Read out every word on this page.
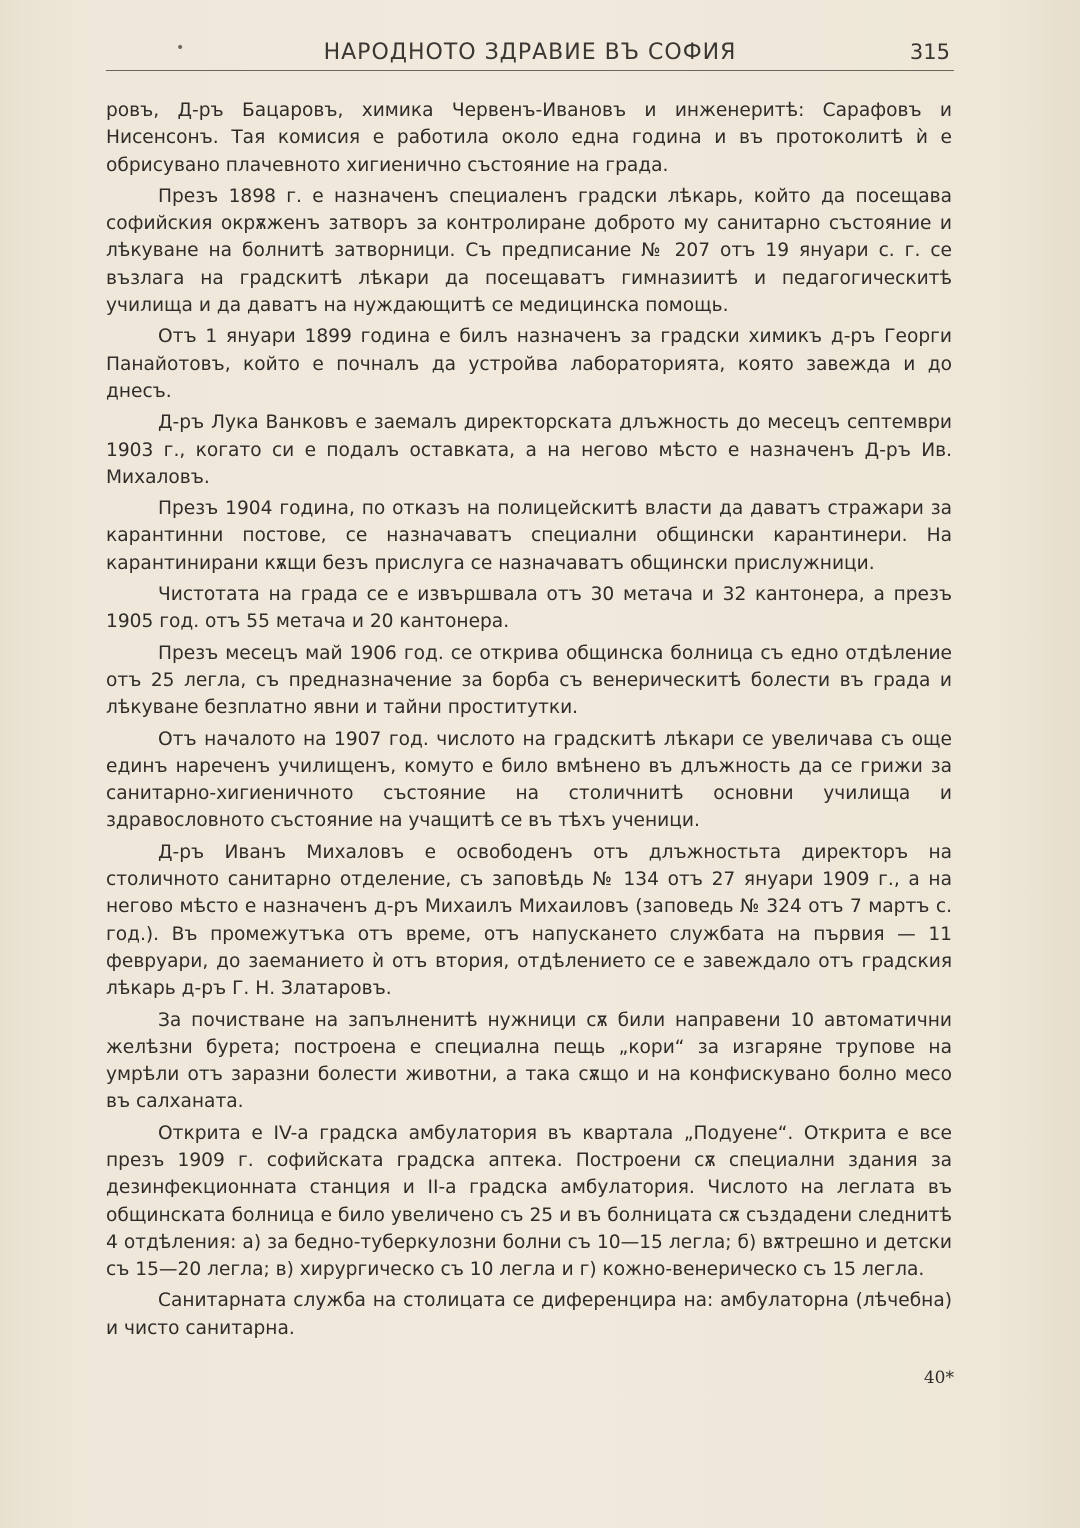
•	НАРОДНОТО ЗДРАВИЕ ВЪ СОФИЯ	315

ровъ, Д-ръ Бацаровъ, химика Червенъ-Ивановъ и инженеритѣ: Сарафовъ и Нисенсонъ. Тая комисия е работила около една година и въ протоколитѣ ѝ е обрисувано плачевното хигиенично състояние на града.

Презъ 1898 г. е назначенъ специаленъ градски лѣкарь, който да посещава софийския окрѫженъ затворъ за контролиране доброто му санитарно състояние и лѣкуване на болнитѣ затворници. Съ предписание № 207 отъ 19 януари с. г. се възлага на градскитѣ лѣкари да посещаватъ гимназиитѣ и педагогическитѣ училища и да даватъ на нуждающитѣ се медицинска помощь.

Отъ 1 януари 1899 година е билъ назначенъ за градски химикъ д-ръ Георги Панайотовъ, който е почналъ да устройва лабораторията, която завежда и до днесъ.

Д-ръ Лука Ванковъ е заемалъ директорската длъжность до месецъ септември 1903 г., когато си е подалъ оставката, а на негово мѣсто е назначенъ Д-ръ Ив. Михаловъ.

Презъ 1904 година, по отказъ на полицейскитѣ власти да даватъ стражари за карантинни постове, се назначаватъ специални общински карантинери. На карантинирани кѫщи безъ прислуга се назначаватъ общински прислужници.

Чистотата на града се е извършвала отъ 30 метача и 32 кантонера, а презъ 1905 год. отъ 55 метача и 20 кантонера.

Презъ месецъ май 1906 год. се открива общинска болница съ едно отдѣление отъ 25 легла, съ предназначение за борба съ венерическитѣ болести въ града и лѣкуване безплатно явни и тайни проститутки.

Отъ началото на 1907 год. числото на градскитѣ лѣкари се увеличава съ още единъ нареченъ училищенъ, комуто е било вмѣнено въ длъжность да се грижи за санитарно-хигиеничното състояние на столичнитѣ основни училища и здравословното състояние на учащитѣ се въ тѣхъ ученици.

Д-ръ Иванъ Михаловъ е освободенъ отъ длъжностьта директоръ на столичното санитарно отделение, съ заповѣдь № 134 отъ 27 януари 1909 г., а на негово мѣсто е назначенъ д-ръ Михаилъ Михаиловъ (заповедь № 324 отъ 7 мартъ с. год.). Въ промежутъка отъ време, отъ напускането службата на първия — 11 февруари, до заеманието ѝ отъ втория, отдѣлението се е завеждало отъ градския лѣкарь д-ръ Г. Н. Златаровъ.

За почистване на запълненитѣ нужници сѫ били направени 10 автоматични желѣзни бурета; построена е специална пещь „кори“ за изгаряне трупове на умрѣли отъ заразни болести животни, а така сѫщо и на конфискувано болно месо въ салханата.

Открита е IV-а градска амбулатория въ квартала „Подуене“. Открита е все презъ 1909 г. софийската градска аптека. Построени сѫ специални здания за дезинфекционната станция и II-а градска амбулатория. Числото на леглата въ общинската болница е било увеличено съ 25 и въ болницата сѫ създадени следнитѣ 4 отдѣления: а) за бедно-туберкулозни болни съ 10—15 легла; б) вѫтрешно и детски съ 15—20 легла; в) хирургическо съ 10 легла и г) кожно-венерическо съ 15 легла.

Санитарната служба на столицата се диференцира на: амбулаторна (лѣчебна) и чисто санитарна.

40*
